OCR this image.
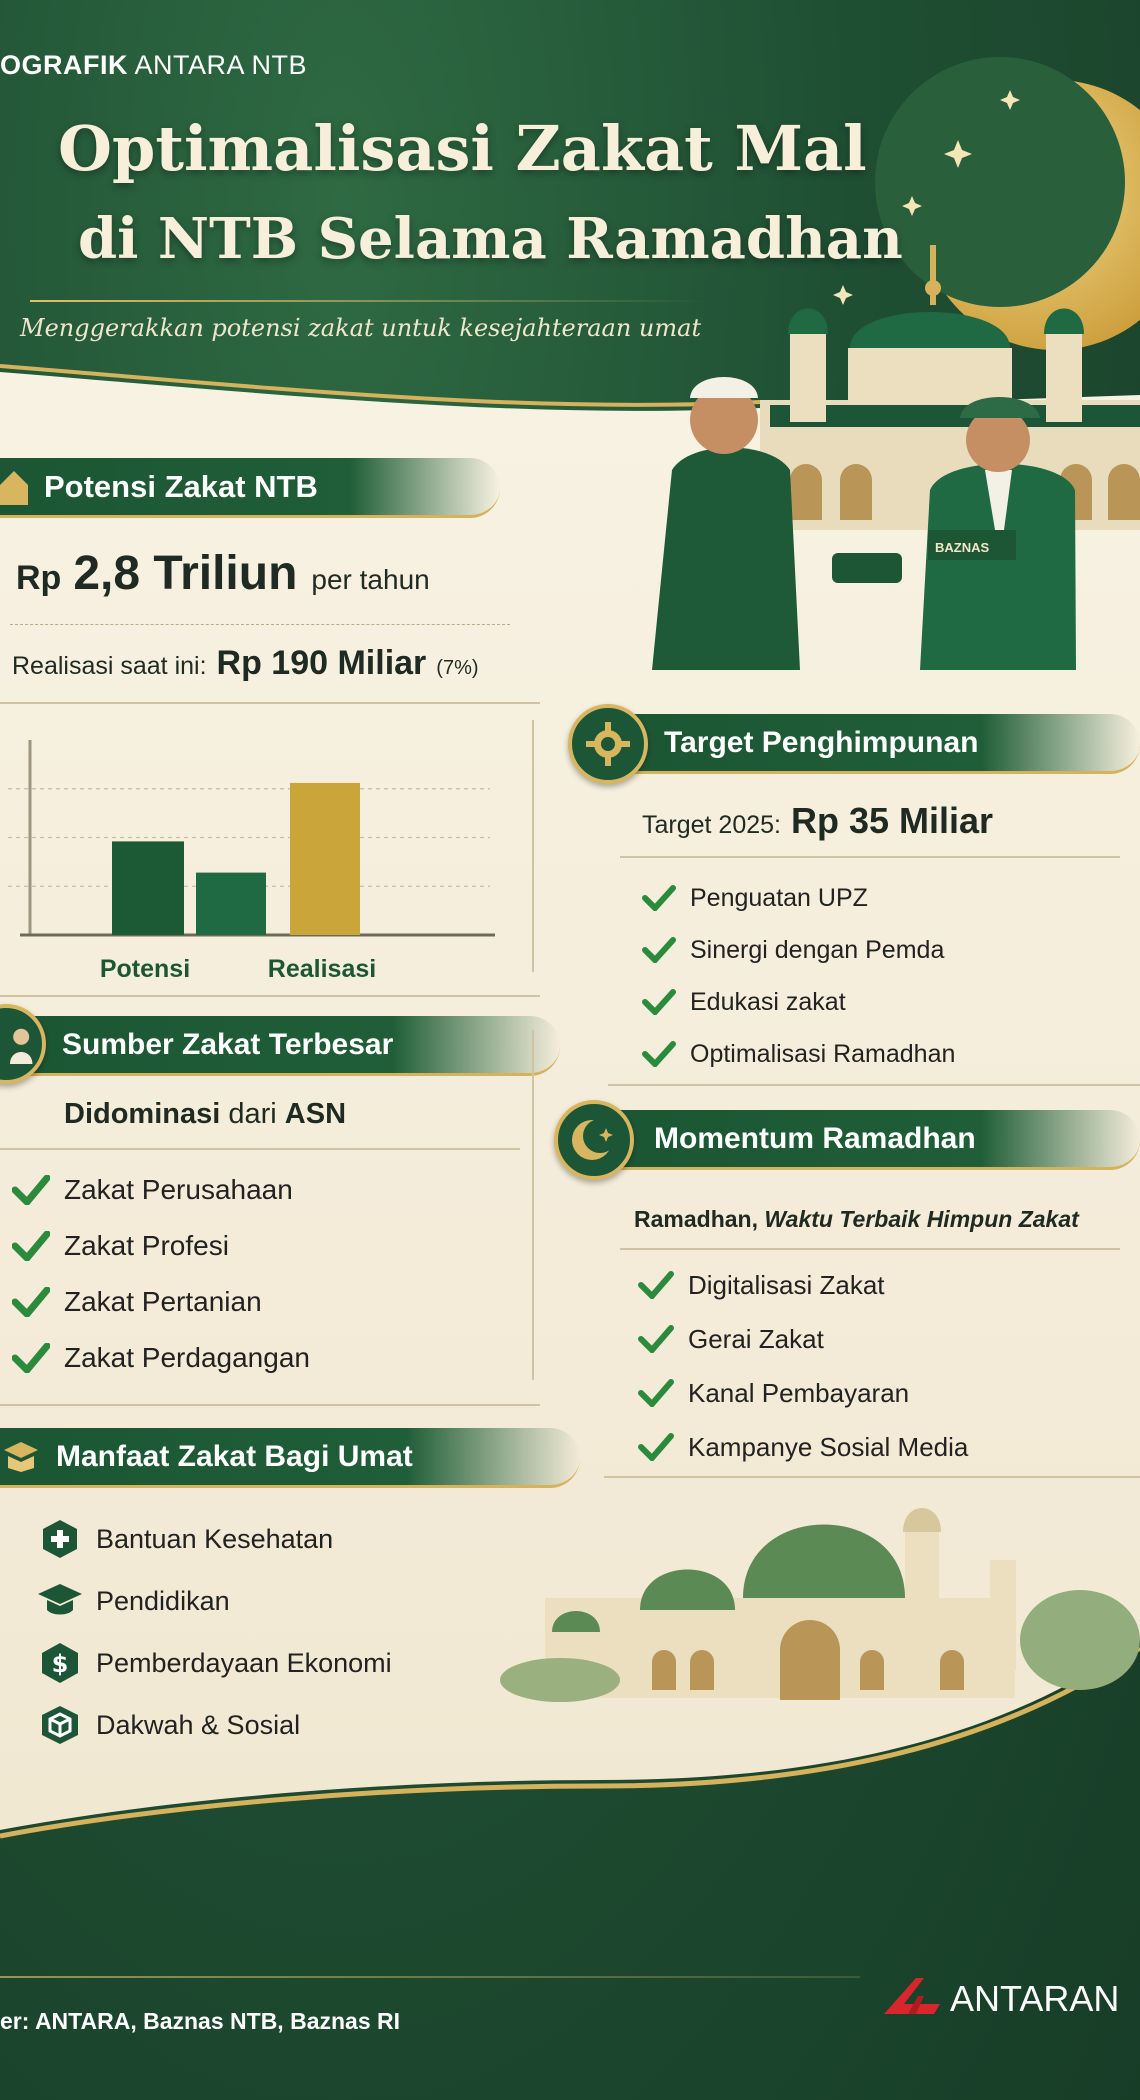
OGRAFIK ANTARA NTB
Optimalisasi Zakat Mal
di NTB Selama Ramadhan
Menggerakkan potensi zakat untuk kesejahteraan umat
BAZNAS
Potensi Zakat NTB
Rp 2,8 Triliun per tahun
Realisasi saat ini: Rp 190 Miliar (7%)
Potensi	Realisasi
Target Penghimpunan
Target 2025: Rp 35 Miliar
Penguatan UPZ
Sinergi dengan Pemda
Edukasi zakat
Optimalisasi Ramadhan
Sumber Zakat Terbesar
Didominasi dari ASN
Zakat Perusahaan
Zakat Profesi
Zakat Pertanian
Zakat Perdagangan
Momentum Ramadhan
Ramadhan, Waktu Terbaik Himpun Zakat
Digitalisasi Zakat
Gerai Zakat
Kanal Pembayaran
Kampanye Sosial Media
Manfaat Zakat Bagi Umat
Bantuan Kesehatan
Pendidikan
$ Pemberdayaan Ekonomi
Dakwah & Sosial
er: ANTARA, Baznas NTB, Baznas RI
ANTARAN
